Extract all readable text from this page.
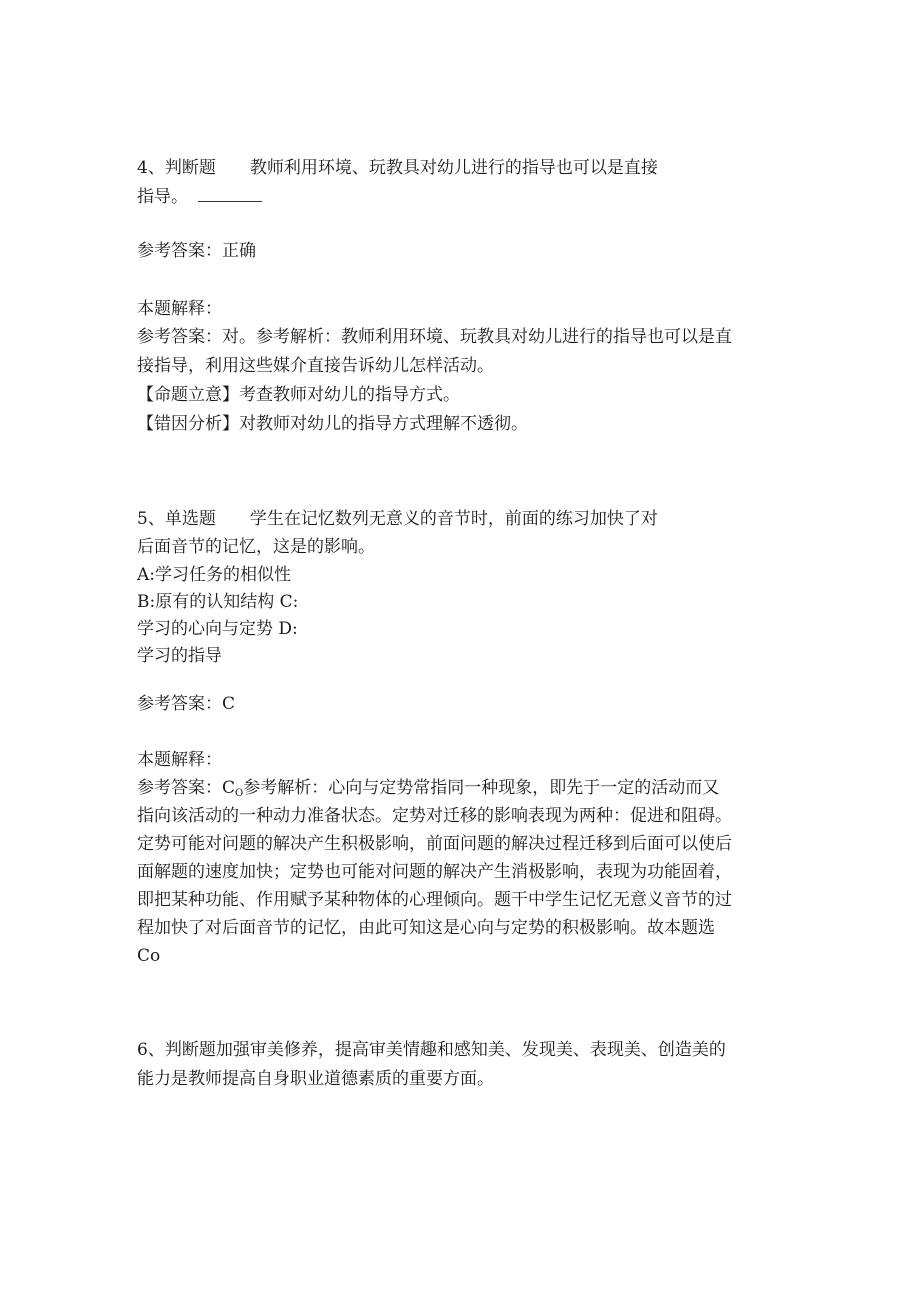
4、判断题　　教师利用环境、玩教具对幼儿进行的指导也可以是直接
指导。
参考答案：正确
本题解释：
参考答案：对。参考解析：教师利用环境、玩教具对幼儿进行的指导也可以是直
接指导，利用这些媒介直接告诉幼儿怎样活动。
【命题立意】考查教师对幼儿的指导方式。
【错因分析】对教师对幼儿的指导方式理解不透彻。
5、单选题　　学生在记忆数列无意义的音节时，前面的练习加快了对
后面音节的记忆，这是的影响。
A:学习任务的相似性
B:原有的认知结构 C:
学习的心向与定势 D:
学习的指导
参考答案：C
本题解释：
参考答案：$C_O$参考解析：心向与定势常指同一种现象，即先于一定的活动而又
指向该活动的一种动力准备状态。定势对迁移的影响表现为两种：促进和阻碍。
定势可能对问题的解决产生积极影响，前面问题的解决过程迁移到后面可以使后
面解题的速度加快；定势也可能对问题的解决产生消极影响，表现为功能固着，
即把某种功能、作用赋予某种物体的心理倾向。题干中学生记忆无意义音节的过
程加快了对后面音节的记忆，由此可知这是心向与定势的积极影响。故本题选
Co
6、判断题加强审美修养，提高审美情趣和感知美、发现美、表现美、创造美的
能力是教师提高自身职业道德素质的重要方面。
